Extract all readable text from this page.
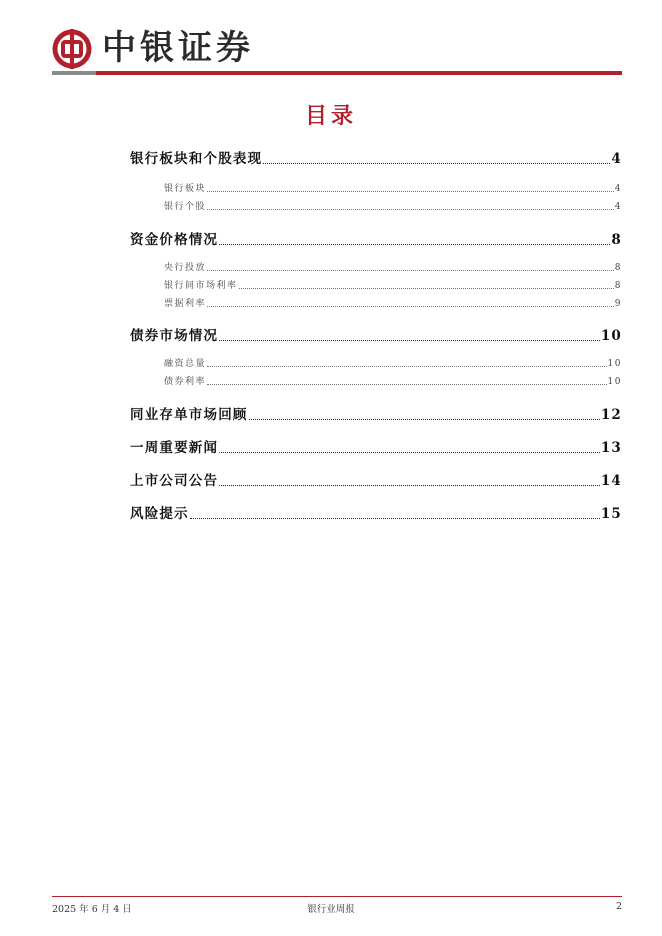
中银证券
目录
银行板块和个股表现	4
银行板块	4
银行个股	4
资金价格情况	8
央行投放	8
银行间市场利率	8
票据利率	9
债券市场情况	10
融资总量	10
债券利率	10
同业存单市场回顾	12
一周重要新闻	13
上市公司公告	14
风险提示	15
2025 年 6 月 4 日	银行业周报	2
